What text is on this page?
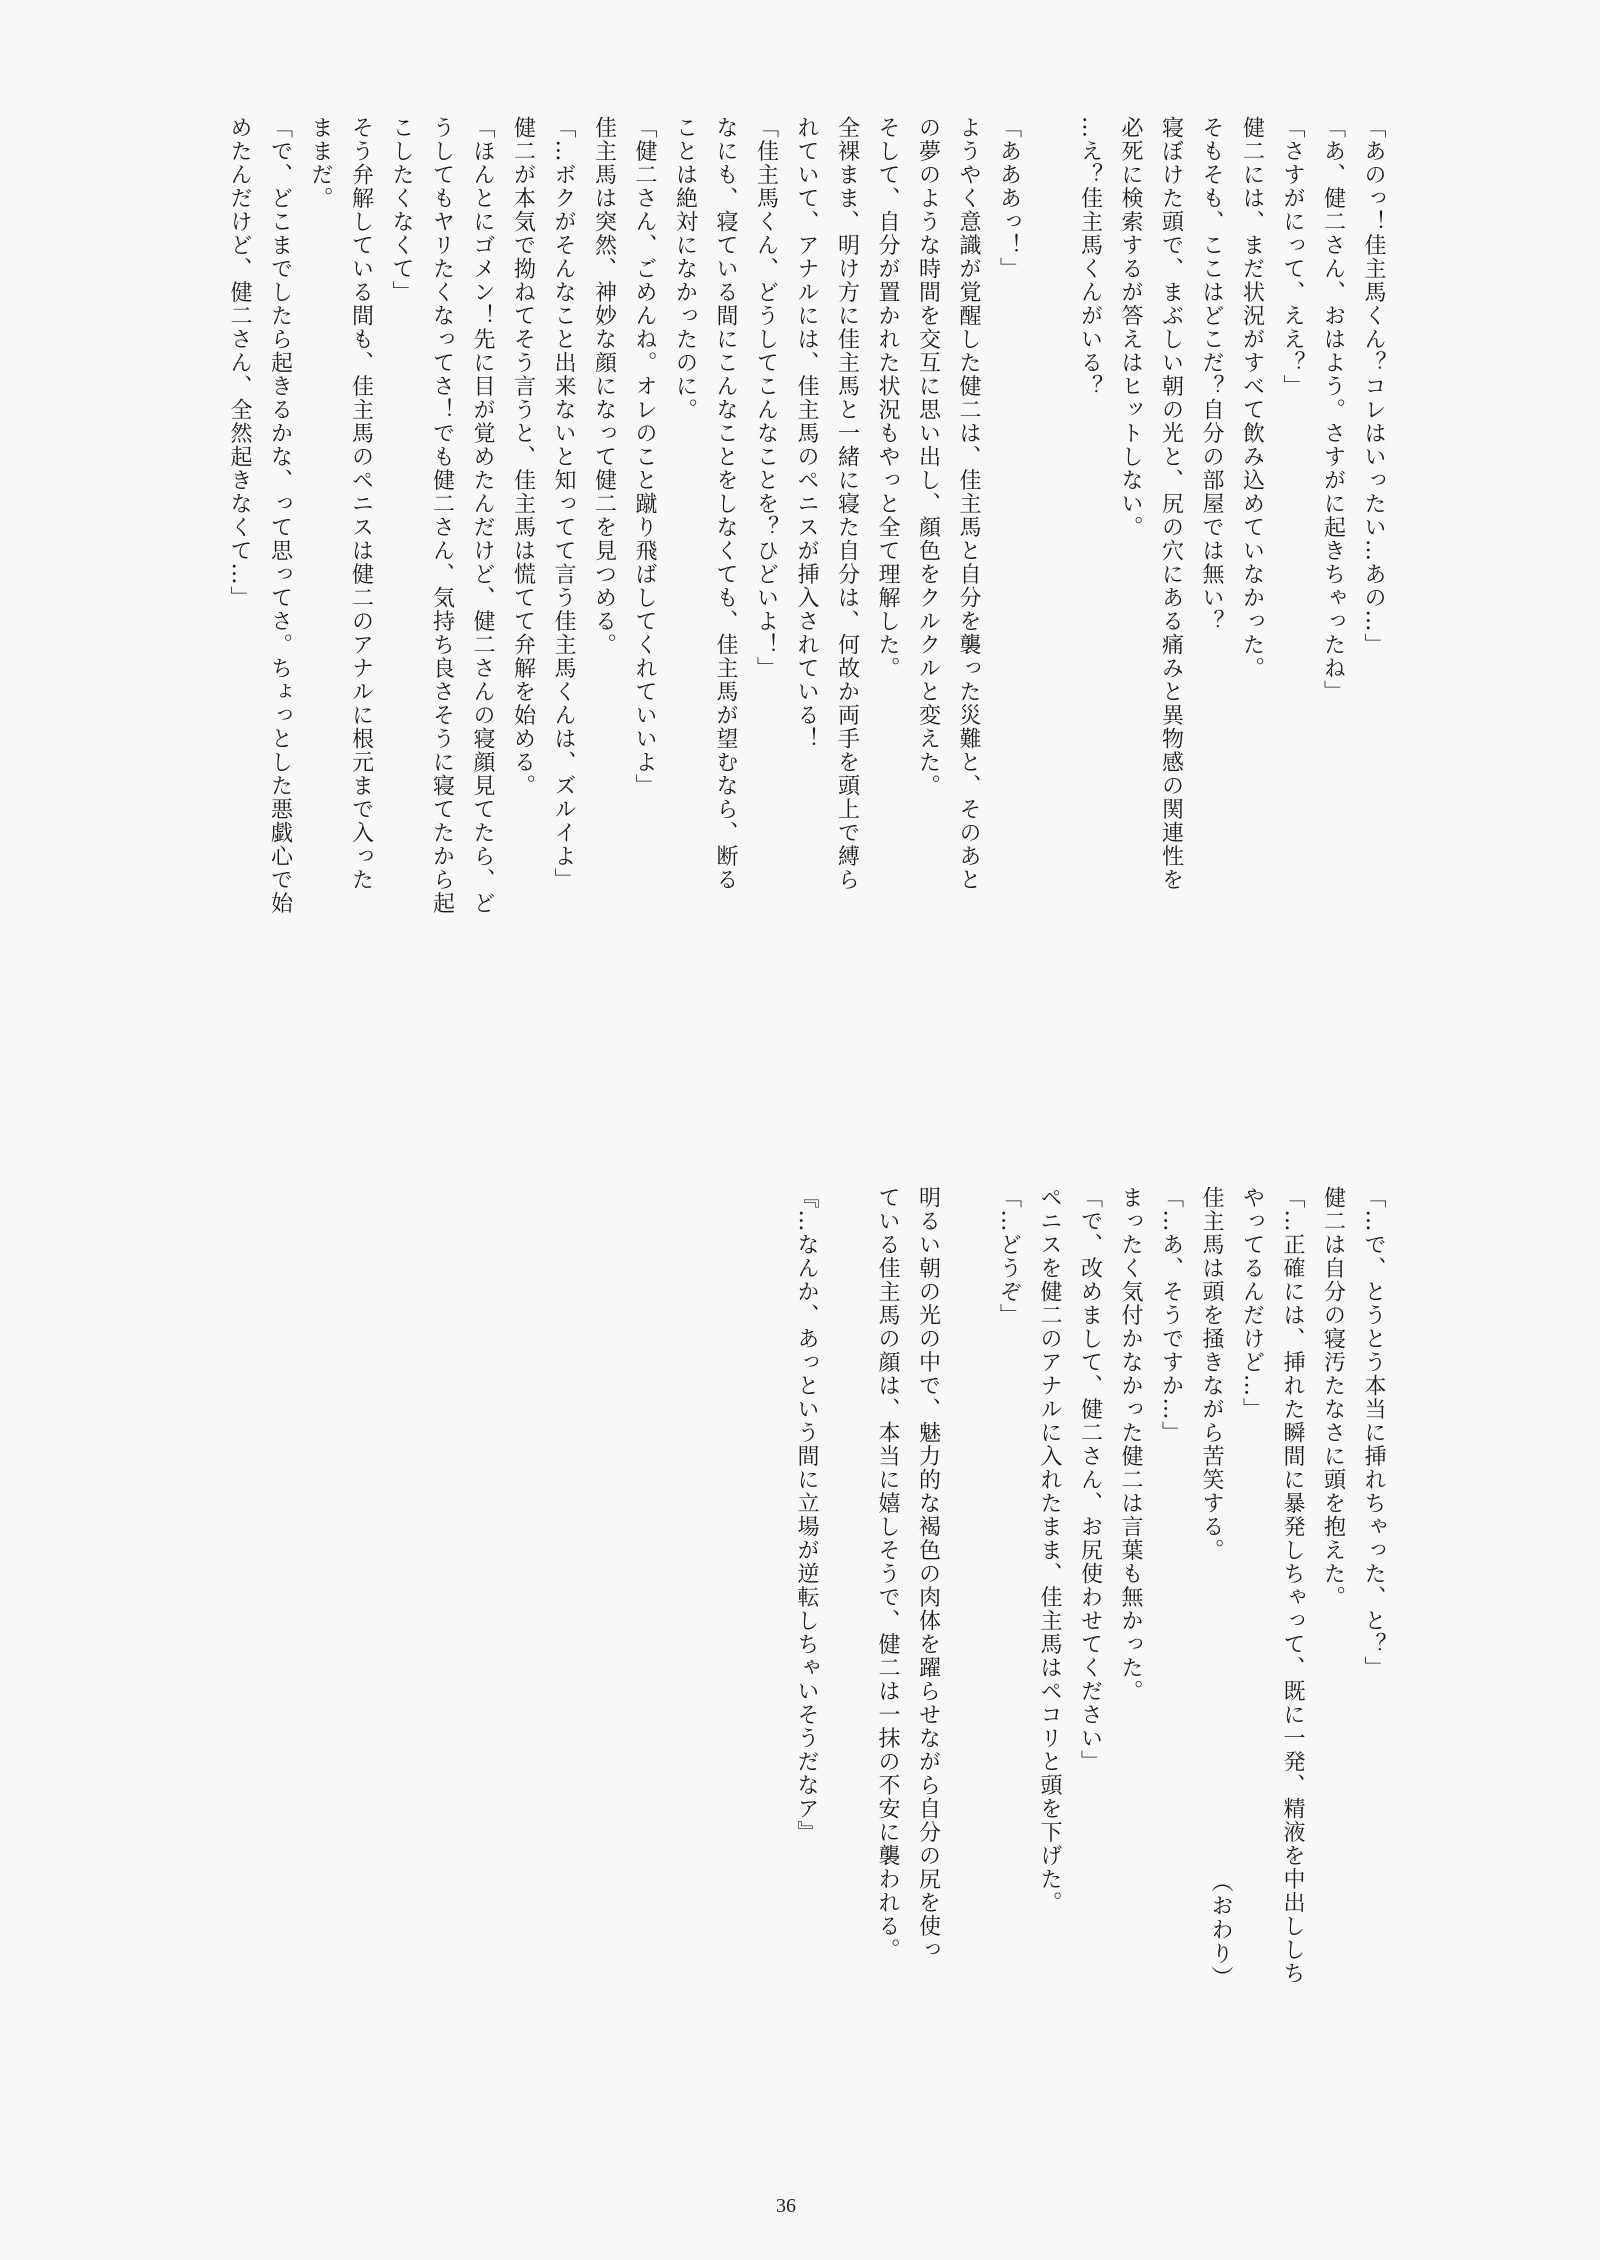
「あのっ！佳主馬くん？コレはいったい…あの…」
「あ、健二さん、おはよう。さすがに起きちゃったね」
「さすがにって、ええ？」
健二には、まだ状況がすべて飲み込めていなかった。
そもそも、ここはどこだ？自分の部屋では無い？
寝ぼけた頭で、まぶしい朝の光と、尻の穴にある痛みと異物感の関連性を
必死に検索するが答えはヒットしない。
…え？佳主馬くんがいる？

「あああっ！」
ようやく意識が覚醒した健二は、佳主馬と自分を襲った災難と、そのあと
の夢のような時間を交互に思い出し、顔色をクルクルと変えた。
そして、自分が置かれた状況もやっと全て理解した。
全裸まま、明け方に佳主馬と一緒に寝た自分は、何故か両手を頭上で縛ら
れていて、アナルには、佳主馬のペニスが挿入されている！
「佳主馬くん、どうしてこんなことを？ひどいよ！」
なにも、寝ている間にこんなことをしなくても、佳主馬が望むなら、断る
ことは絶対になかったのに。
「健二さん、ごめんね。オレのこと蹴り飛ばしてくれていいよ」
佳主馬は突然、神妙な顔になって健二を見つめる。
「…ボクがそんなこと出来ないと知ってて言う佳主馬くんは、ズルイよ」
健二が本気で拗ねてそう言うと、佳主馬は慌てて弁解を始める。
「ほんとにゴメン！先に目が覚めたんだけど、健二さんの寝顔見てたら、ど
うしてもヤリたくなってさ！でも健二さん、気持ち良さそうに寝てたから起
こしたくなくて」
そう弁解している間も、佳主馬のペニスは健二のアナルに根元まで入った
ままだ。
「で、どこまでしたら起きるかな、って思ってさ。ちょっとした悪戯心で始
めたんだけど、健二さん、全然起きなくて…」
「…で、とうとう本当に挿れちゃった、と？」
健二は自分の寝汚たなさに頭を抱えた。
「…正確には、挿れた瞬間に暴発しちゃって、既に一発、精液を中出ししち
やってるんだけど…」
佳主馬は頭を掻きながら苦笑する。
「…あ、そうですか…」
まったく気付かなかった健二は言葉も無かった。
「で、改めまして、健二さん、お尻使わせてください」
ペニスを健二のアナルに入れたまま、佳主馬はペコリと頭を下げた。
「…どうぞ」

明るい朝の光の中で、魅力的な褐色の肉体を躍らせながら自分の尻を使っ
ている佳主馬の顔は、本当に嬉しそうで、健二は一抹の不安に襲われる。

『…なんか、あっという間に立場が逆転しちゃいそうだなア』
（おわり）
36
